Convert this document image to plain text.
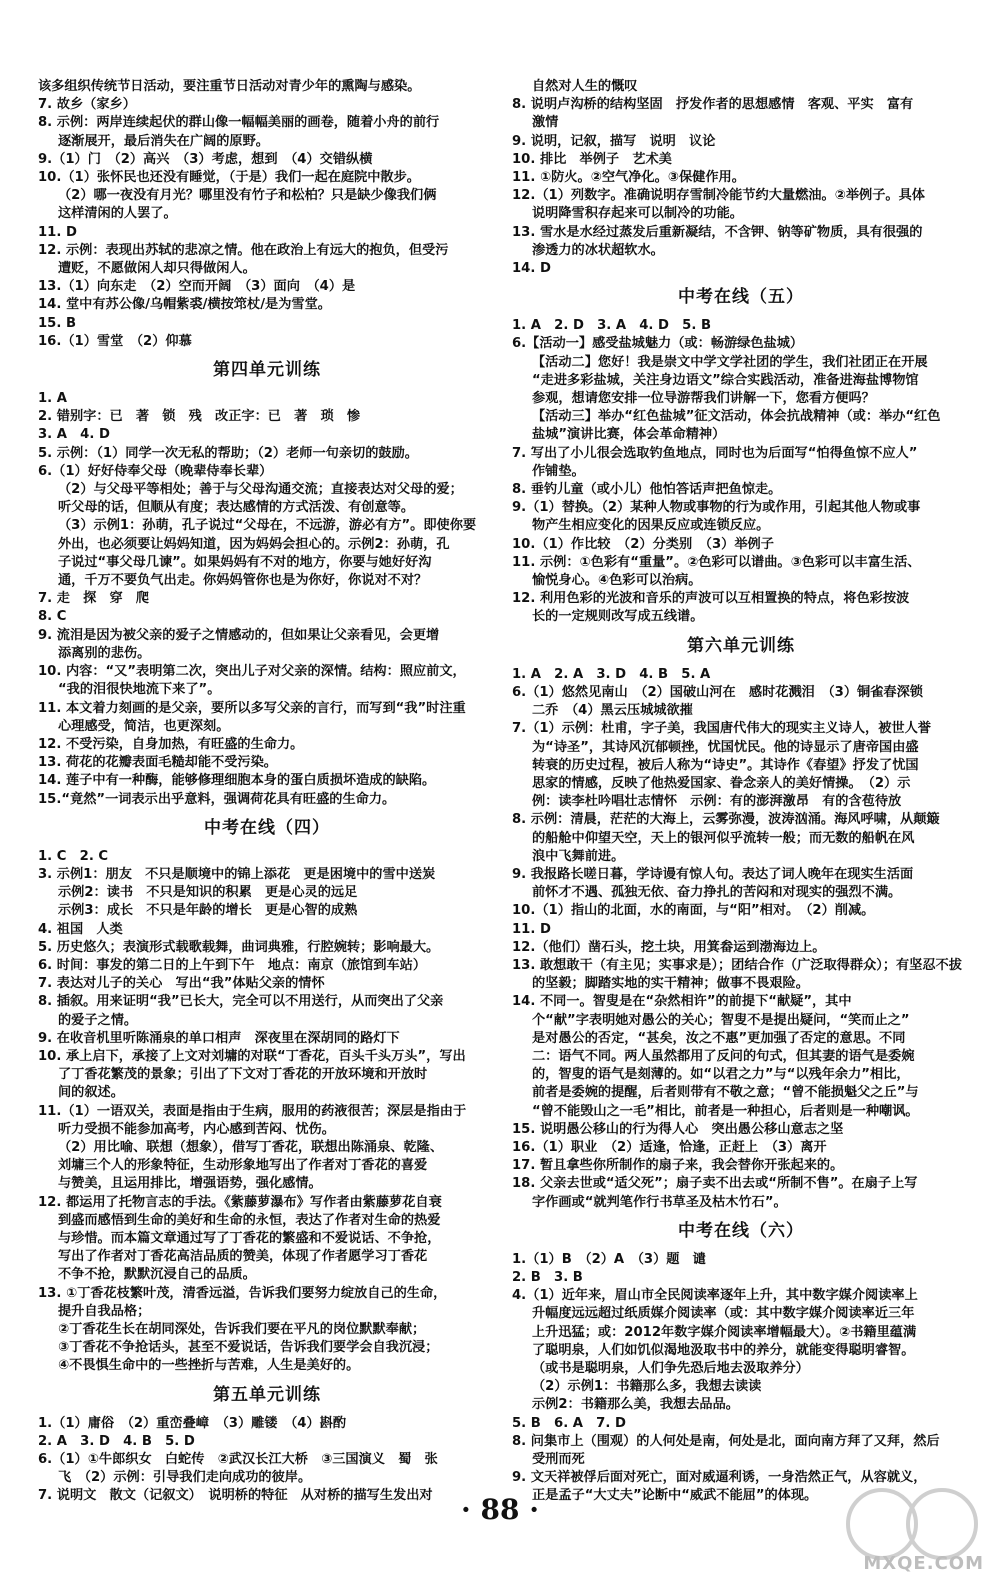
该多组织传统节日活动，要注重节日活动对青少年的熏陶与感染。
7. 故乡（家乡）
8. 示例：两岸连续起伏的群山像一幅幅美丽的画卷，随着小舟的前行
逐渐展开，最后消失在广阔的原野。
9.（1）门　（2）高兴　（3）考虑，想到　（4）交错纵横
10.（1）张怀民也还没有睡觉，（于是）我们一起在庭院中散步。
（2）哪一夜没有月光？哪里没有竹子和松柏？只是缺少像我们俩
这样清闲的人罢了。
11. D
12. 示例：表现出苏轼的悲凉之情。他在政治上有远大的抱负，但受污
遭贬，不愿做闲人却只得做闲人。
13.（1）向东走　（2）空而开阔　（3）面向　（4）是
14. 堂中有苏公像/乌帽紫裘/横按筇杖/是为雪堂。
15. B
16.（1）雪堂　（2）仰慕
第四单元训练
1. A
2. 错别字：已　著　锁　残　改正字：已　著　琐　惨
3. A　4. D
5. 示例：（1）同学一次无私的帮助；（2）老师一句亲切的鼓励。
6.（1）好好侍奉父母（晚辈侍奉长辈）
（2）与父母平等相处；善于与父母沟通交流；直接表达对父母的爱；
听父母的话，但顺从有度；表达感情的方式活泼、有创意等。
（3）示例1：孙萌，孔子说过“父母在，不远游，游必有方”。即使你要
外出，也必须要让妈妈知道，因为妈妈会担心的。示例2：孙萌，孔
子说过“事父母几谏”。如果妈妈有不对的地方，你要与她好好沟
通，千万不要负气出走。你妈妈管你也是为你好，你说对不对？
7. 走　探　穿　爬
8. C
9. 流泪是因为被父亲的爱子之情感动的，但如果让父亲看见，会更增
添离别的悲伤。
10. 内容：“又”表明第二次，突出儿子对父亲的深情。结构：照应前文，
“我的泪很快地流下来了”。
11. 本文着力刻画的是父亲，要所以多写父亲的言行，而写到“我”时注重
心理感受，简洁，也更深刻。
12. 不受污染，自身加热，有旺盛的生命力。
13. 荷花的花瓣表面毛糙却能不受污染。
14. 莲子中有一种酶，能够修理细胞本身的蛋白质损坏造成的缺陷。
15.“竟然”一词表示出乎意料，强调荷花具有旺盛的生命力。
中考在线（四）
1. C　2. C
3. 示例1：朋友　不只是顺境中的锦上添花　更是困境中的雪中送炭
示例2：读书　不只是知识的积累　更是心灵的远足
示例3：成长　不只是年龄的增长　更是心智的成熟
4. 祖国　人类
5. 历史悠久；表演形式载歌载舞，曲词典雅，行腔婉转；影响最大。
6. 时间：事发的第二日的上午到下午　地点：南京（旅馆到车站）
7. 表达对儿子的关心　写出“我”体贴父亲的情怀
8. 插叙。用来证明“我”已长大，完全可以不用送行，从而突出了父亲
的爱子之情。
9. 在收音机里听陈涌泉的单口相声　深夜里在深胡同的路灯下
10. 承上启下，承接了上文对刘墉的对联“丁香花，百头千头万头”，写出
了丁香花繁茂的景象；引出了下文对丁香花的开放环境和开放时
间的叙述。
11.（1）一语双关，表面是指由于生病，服用的药液很苦；深层是指由于
听力受损不能参加高考，内心感到苦闷、忧伤。
（2）用比喻、联想（想象），借写丁香花，联想出陈涌泉、乾隆、
刘墉三个人的形象特征，生动形象地写出了作者对丁香花的喜爱
与赞美，且运用排比，增强语势，强化感情。
12. 都运用了托物言志的手法。《紫藤萝瀑布》写作者由紫藤萝花自衰
到盛而感悟到生命的美好和生命的永恒，表达了作者对生命的热爱
与珍惜。而本篇文章通过写了丁香花的繁盛和不爱说话、不争抢，
写出了作者对丁香花高洁品质的赞美，体现了作者愿学习丁香花
不争不抢，默默沉浸自己的品质。
13. ①丁香花枝繁叶茂，清香远溢，告诉我们要努力绽放自己的生命，
提升自我品格；
②丁香花生长在胡同深处，告诉我们要在平凡的岗位默默奉献；
③丁香花不争抢话头，甚至不爱说话，告诉我们要学会自我沉浸；
④不畏惧生命中的一些挫折与苦难，人生是美好的。
第五单元训练
1.（1）庸俗　（2）重峦叠嶂　（3）雕镂　（4）斟酌
2. A　3. D　4. B　5. D
6.（1）①牛郎织女　白蛇传　②武汉长江大桥　③三国演义　蜀　张
飞　（2）示例：引导我们走向成功的彼岸。
7. 说明文　散文（记叙文）　说明桥的特征　从对桥的描写生发出对
自然对人生的慨叹
8. 说明卢沟桥的结构坚固　抒发作者的思想感情　客观、平实　富有
激情
9. 说明，记叙，描写　说明　议论
10. 排比　举例子　艺术美
11. ①防火。②空气净化。③保健作用。
12.（1）列数字。准确说明存雪制冷能节约大量燃油。②举例子。具体
说明降雪积存起来可以制冷的功能。
13. 雪水是水经过蒸发后重新凝结，不含钾、钠等矿物质，具有很强的
渗透力的冰状超软水。
14. D
中考在线（五）
1. A　2. D　3. A　4. D　5. B
6.【活动一】感受盐城魅力（或：畅游绿色盐城）
【活动二】您好！我是崇文中学文学社团的学生，我们社团正在开展
“走进多彩盐城，关注身边语文”综合实践活动，准备进海盐博物馆
参观，想请您安排一位导游帮我们讲解一下，您看方便吗？
【活动三】举办“红色盐城”征文活动，体会抗战精神（或：举办“红色
盐城”演讲比赛，体会革命精神）
7. 写出了小儿很会选取钓鱼地点，同时也为后面写“怕得鱼惊不应人”
作铺垫。
8. 垂钓儿童（或小儿）他怕答话声把鱼惊走。
9.（1）替换。（2）某种人物或事物的行为或作用，引起其他人物或事
物产生相应变化的因果反应或连锁反应。
10.（1）作比较　（2）分类别　（3）举例子
11. 示例：①色彩有“重量”。②色彩可以谱曲。③色彩可以丰富生活、
愉悦身心。④色彩可以治病。
12. 利用色彩的光波和音乐的声波可以互相置换的特点，将色彩按波
长的一定规则改写成五线谱。
第六单元训练
1. A　2. A　3. D　4. B　5. A
6.（1）悠然见南山　（2）国破山河在　感时花溅泪　（3）铜雀春深锁
二乔　（4）黑云压城城欲摧
7.（1）示例：杜甫，字子美，我国唐代伟大的现实主义诗人，被世人誉
为“诗圣”，其诗风沉郁顿挫，忧国忧民。他的诗显示了唐帝国由盛
转衰的历史过程，被后人称为“诗史”。其诗作《春望》抒发了忧国
思家的情感，反映了他热爱国家、眷念亲人的美好情操。　（2）示
例：读李杜吟唱壮志情怀　示例：有的澎湃激昂　有的含苞待放
8. 示例：清晨，茫茫的大海上，云雾弥漫，波涛汹涌。海风呼啸，从颠簸
的船舱中仰望天空，天上的银河似乎流转一般；而无数的船帆在风
浪中飞舞前进。
9. 我报路长嗟日暮，学诗谩有惊人句。表达了词人晚年在现实生活面
前怀才不遇、孤独无依、奋力挣扎的苦闷和对现实的强烈不满。
10.（1）指山的北面，水的南面，与“阳”相对。　（2）削减。
11. D
12.（他们）凿石头，挖土块，用箕畚运到渤海边上。
13. 敢想敢干（有主见；实事求是）；团结合作（广泛取得群众）；有坚忍不拔
的坚毅；脚踏实地的实干精神；做事不畏艰险。
14. 不同一。智叟是在“杂然相许”的前提下“献疑”，其中
个“献”字表明她对愚公的关心；智叟不是提出疑问，“笑而止之”
是对愚公的否定，“甚矣，汝之不惠”更加强了否定的意思。不同
二：语气不同。两人虽然都用了反问的句式，但其妻的语气是委婉
的，智叟的语气是刻薄的。如“以君之力”与“以残年余力”相比，
前者是委婉的提醒，后者则带有不敬之意；“曾不能损魁父之丘”与
“曾不能毁山之一毛”相比，前者是一种担心，后者则是一种嘲讽。
15. 说明愚公移山的行为得人心　突出愚公移山意志之坚
16.（1）职业　（2）适逢，恰逢，正赶上　（3）离开
17. 暂且拿些你所制作的扇子来，我会替你开张起来的。
18. 父亲去世或“适父死”；扇子卖不出去或“所制不售”。在扇子上写
字作画或“就判笔作行书草圣及枯木竹石”。
中考在线（六）
1.（1）B　（2）A　（3）题　谴
2. B　3. B
4.（1）近年来，眉山市全民阅读率逐年上升，其中数字媒介阅读率上
升幅度远远超过纸质媒介阅读率（或：其中数字媒介阅读率近三年
上升迅猛；或：2012年数字媒介阅读率增幅最大）。②书籍里蕴满
了聪明泉，人们如饥似渴地汲取书中的养分，就能变得聪明睿智。
（或书是聪明泉，人们争先恐后地去汲取养分）
（2）示例1：书籍那么多，我想去读读
示例2：书籍那么美，我想去品品。
5. B　6. A　7. D
8. 问集市上（围观）的人何处是南，何处是北，面向南方拜了又拜，然后
受刑而死
9. 文天祥被俘后面对死亡，面对威逼利诱，一身浩然正气，从容就义，
正是孟子“大丈夫”论断中“威武不能屈”的体现。
· 88 ·
MXQE.COM
